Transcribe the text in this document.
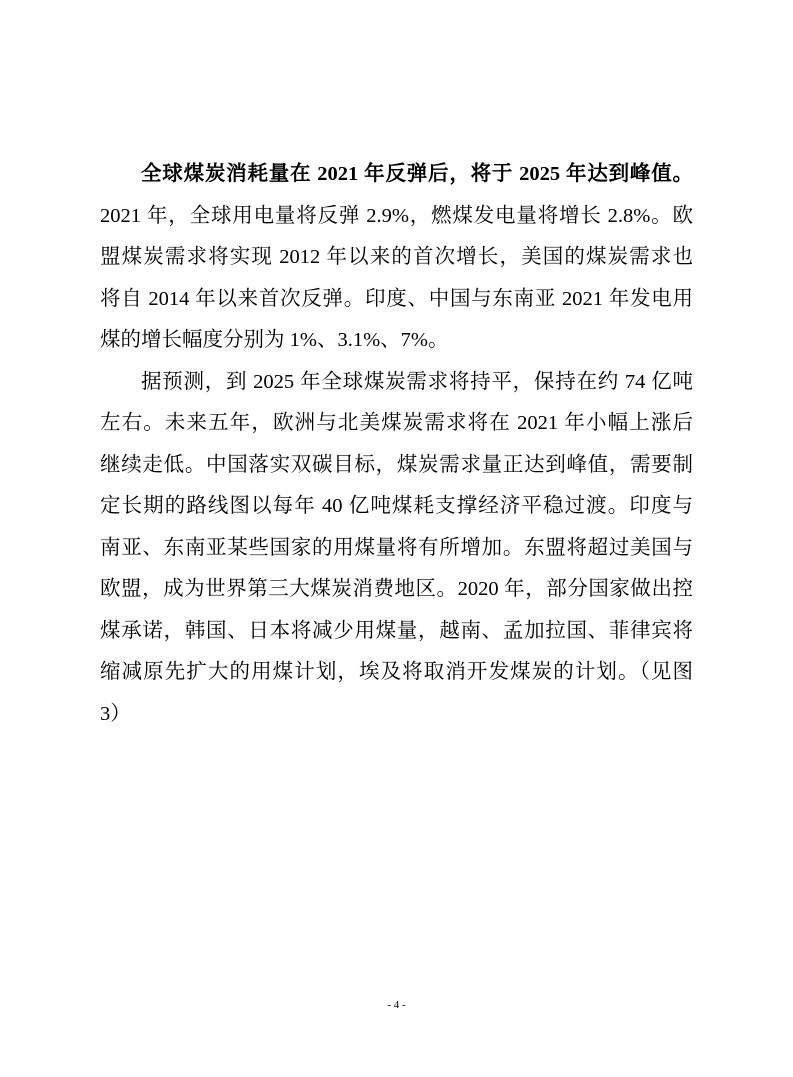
全球煤炭消耗量在 2021 年反弹后，将于 2025 年达到峰值。
2021 年，全球用电量将反弹 2.9%，燃煤发电量将增长 2.8%。欧
盟煤炭需求将实现 2012 年以来的首次增长，美国的煤炭需求也
将自 2014 年以来首次反弹。印度、中国与东南亚 2021 年发电用
煤的增长幅度分别为 1%、3.1%、7%。
据预测，到 2025 年全球煤炭需求将持平，保持在约 74 亿吨
左右。未来五年，欧洲与北美煤炭需求将在 2021 年小幅上涨后
继续走低。中国落实双碳目标，煤炭需求量正达到峰值，需要制
定长期的路线图以每年 40 亿吨煤耗支撑经济平稳过渡。印度与
南亚、东南亚某些国家的用煤量将有所增加。东盟将超过美国与
欧盟，成为世界第三大煤炭消费地区。2020 年，部分国家做出控
煤承诺，韩国、日本将减少用煤量，越南、孟加拉国、菲律宾将
缩减原先扩大的用煤计划，埃及将取消开发煤炭的计划。（见图
3）
- 4 -
